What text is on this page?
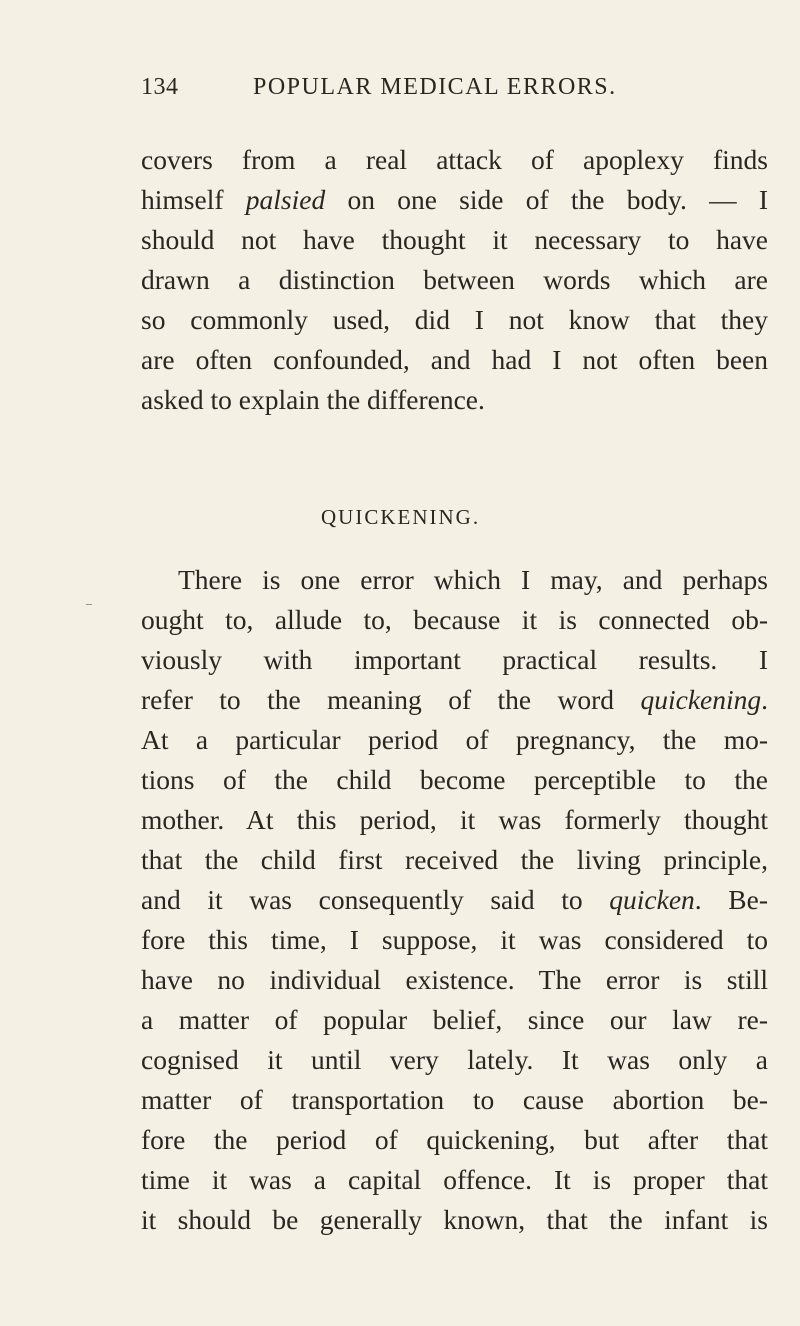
134	POPULAR MEDICAL ERRORS.
covers from a real attack of apoplexy finds
himself palsied on one side of the body. — I
should not have thought it necessary to have
drawn a distinction between words which are
so commonly used, did I not know that they
are often confounded, and had I not often been
asked to explain the difference.
QUICKENING.
–
There is one error which I may, and perhaps
ought to, allude to, because it is connected ob-
viously with important practical results. I
refer to the meaning of the word quickening.
At a particular period of pregnancy, the mo-
tions of the child become perceptible to the
mother. At this period, it was formerly thought
that the child first received the living principle,
and it was consequently said to quicken. Be-
fore this time, I suppose, it was considered to
have no individual existence. The error is still
a matter of popular belief, since our law re-
cognised it until very lately. It was only a
matter of transportation to cause abortion be-
fore the period of quickening, but after that
time it was a capital offence. It is proper that
it should be generally known, that the infant is
